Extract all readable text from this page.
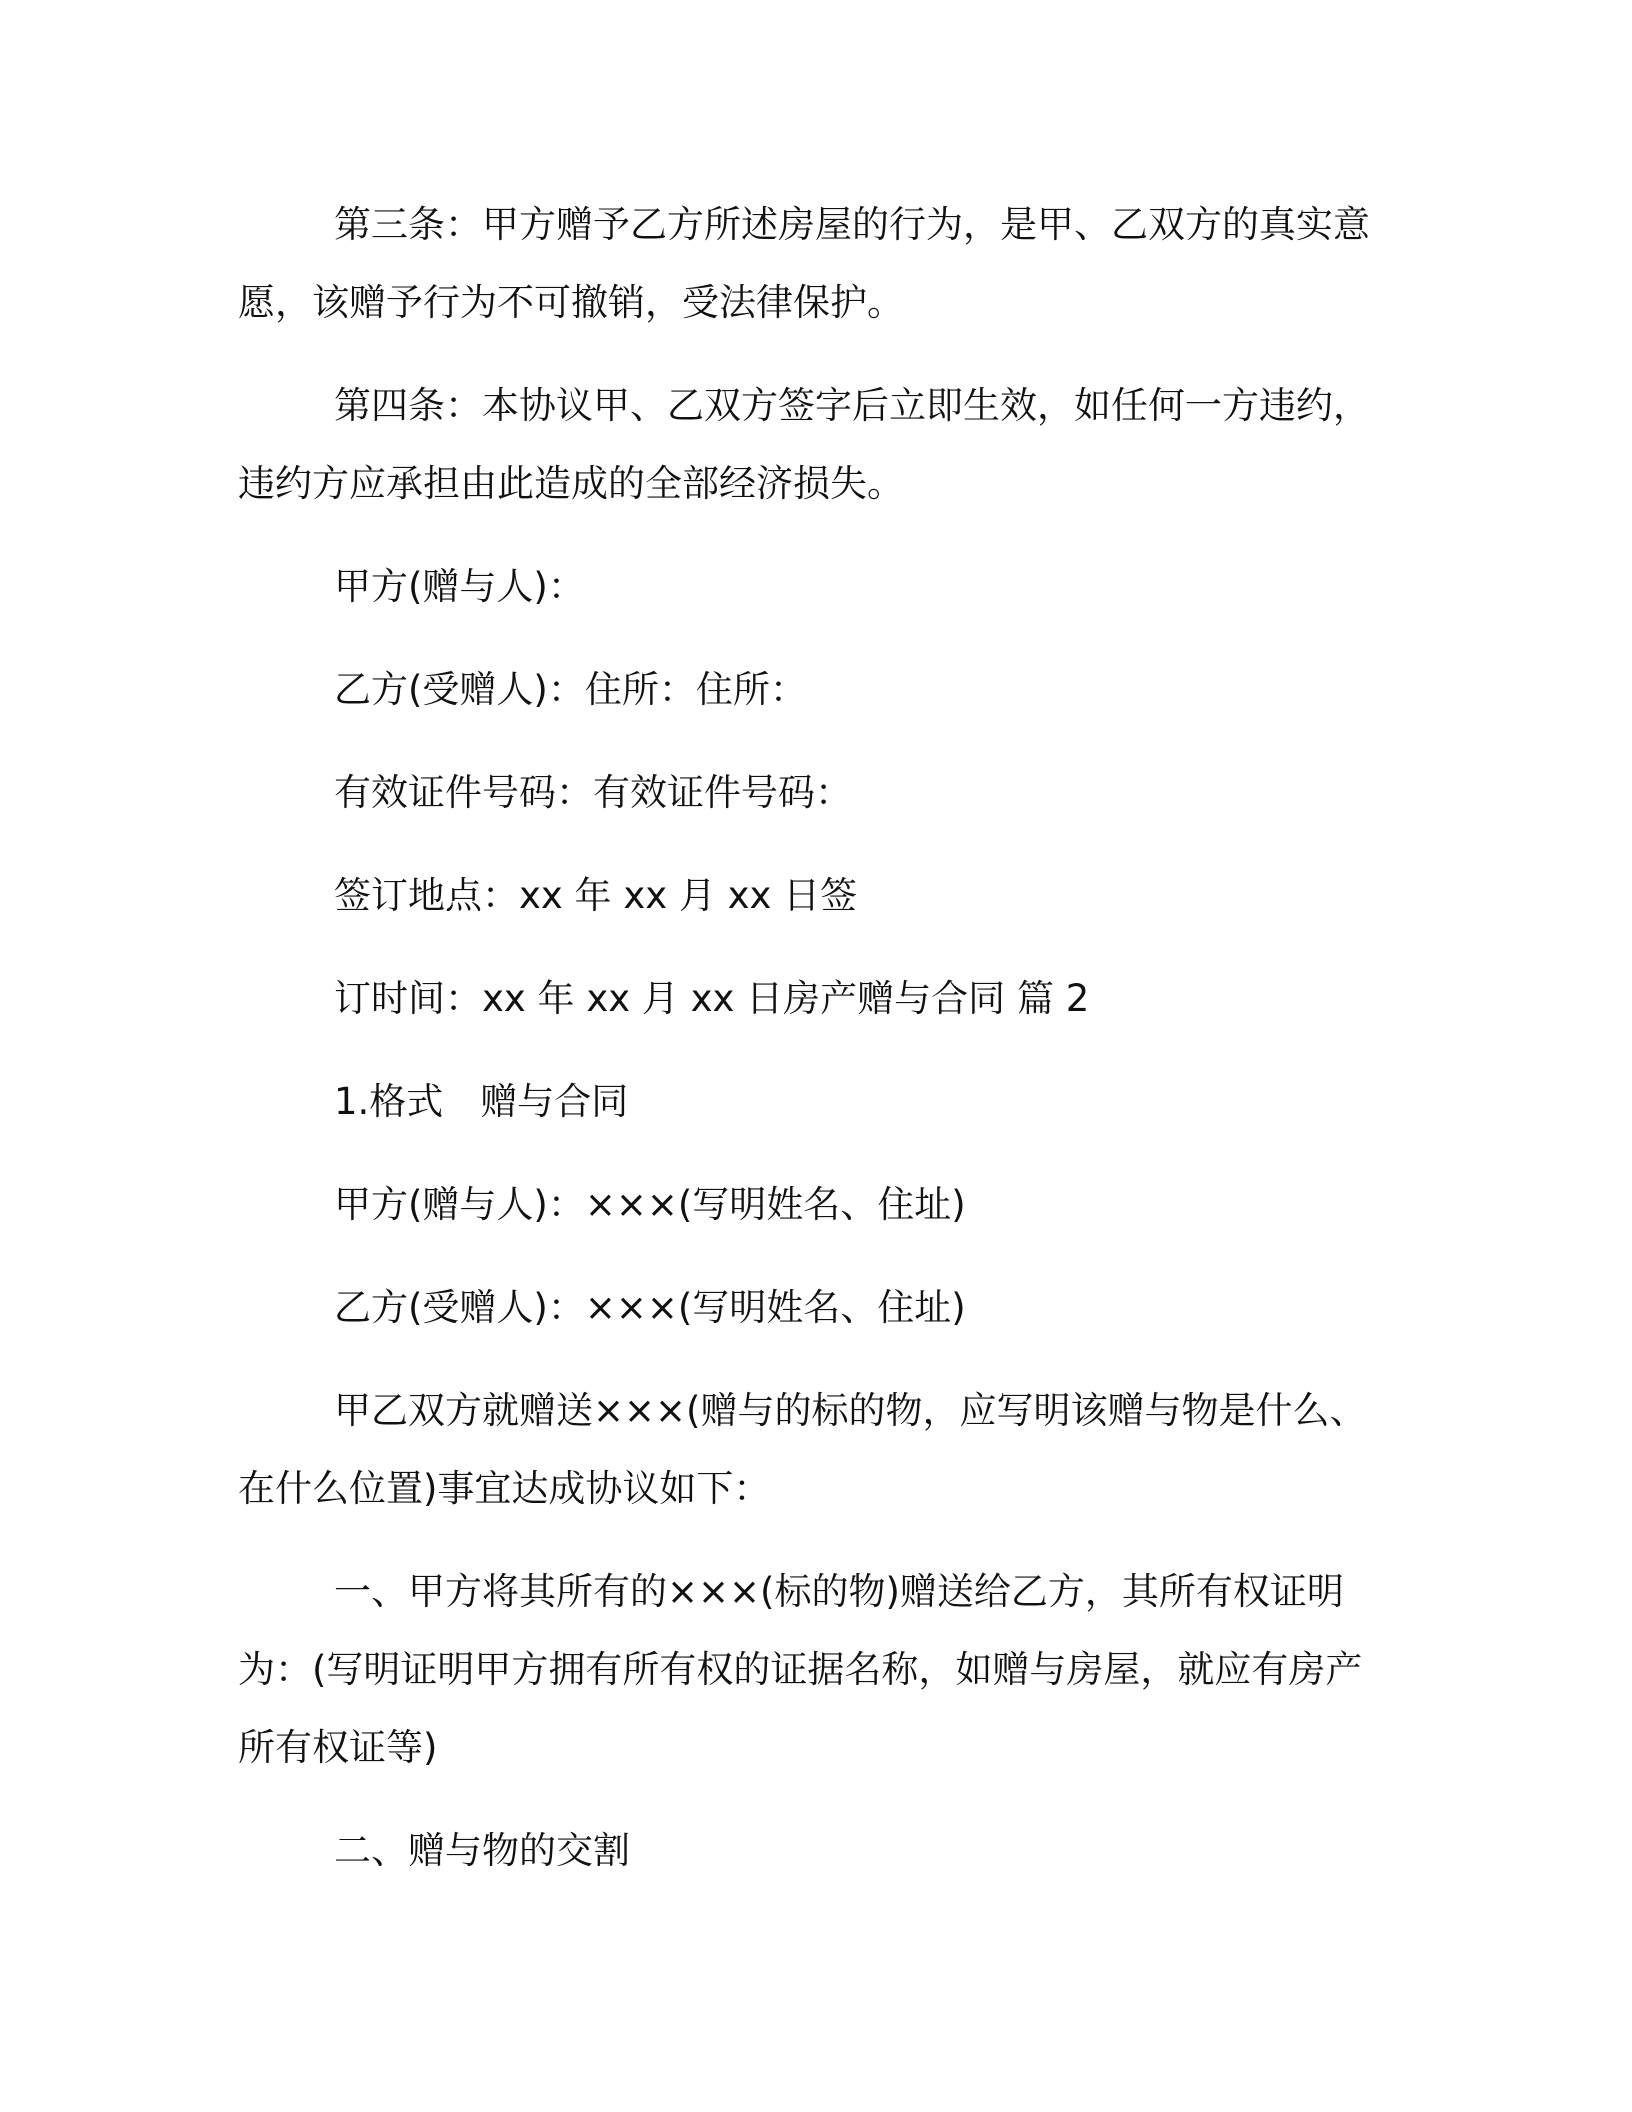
第三条：甲方赠予乙方所述房屋的行为，是甲、乙双方的真实意愿，该赠予行为不可撤销，受法律保护。

第四条：本协议甲、乙双方签字后立即生效，如任何一方违约，违约方应承担由此造成的全部经济损失。

甲方(赠与人)：

乙方(受赠人)：住所：住所：

有效证件号码：有效证件号码：

签订地点：xx 年 xx 月 xx 日签

订时间：xx 年 xx 月 xx 日房产赠与合同 篇 2

1.格式　赠与合同

甲方(赠与人)：×××(写明姓名、住址)

乙方(受赠人)：×××(写明姓名、住址)

甲乙双方就赠送×××(赠与的标的物，应写明该赠与物是什么、在什么位置)事宜达成协议如下：

一、甲方将其所有的×××(标的物)赠送给乙方，其所有权证明为：(写明证明甲方拥有所有权的证据名称，如赠与房屋，就应有房产所有权证等)

二、赠与物的交割
